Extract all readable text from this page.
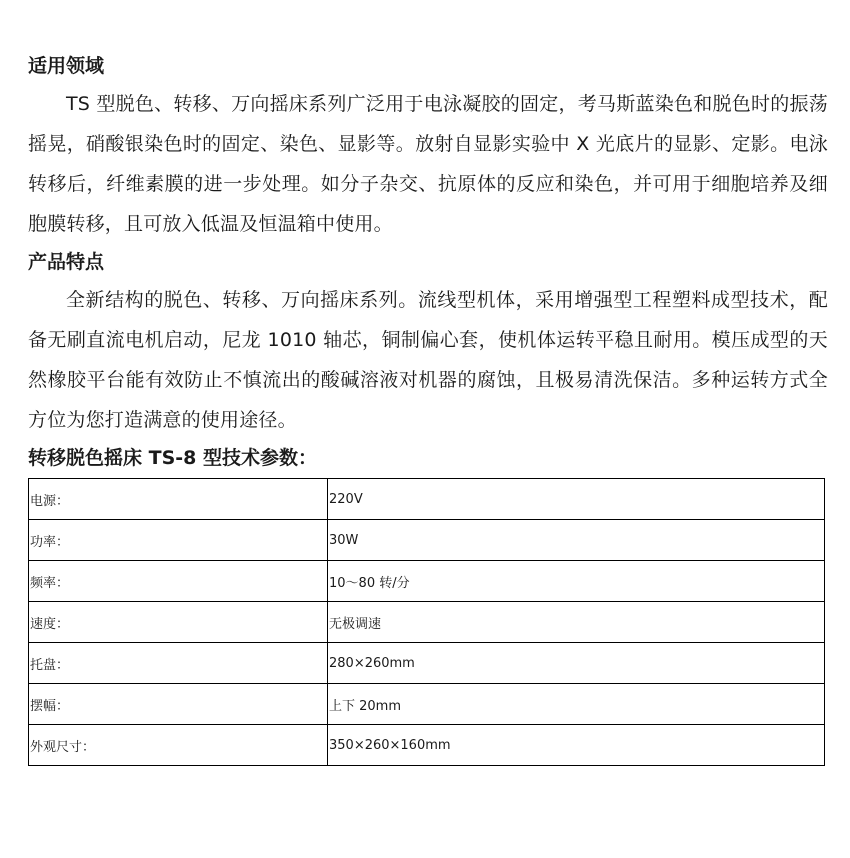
适用领域

TS 型脱色、转移、万向摇床系列广泛用于电泳凝胶的固定，考马斯蓝染色和脱色时的振荡摇晃，硝酸银染色时的固定、染色、显影等。放射自显影实验中 X 光底片的显影、定影。电泳转移后，纤维素膜的进一步处理。如分子杂交、抗原体的反应和染色，并可用于细胞培养及细胞膜转移，且可放入低温及恒温箱中使用。

产品特点

全新结构的脱色、转移、万向摇床系列。流线型机体，采用增强型工程塑料成型技术，配备无刷直流电机启动，尼龙 1010 轴芯，铜制偏心套，使机体运转平稳且耐用。模压成型的天然橡胶平台能有效防止不慎流出的酸碱溶液对机器的腐蚀，且极易清洗保洁。多种运转方式全方位为您打造满意的使用途径。

转移脱色摇床 TS-8 型技术参数：
电源：	220V
功率：	30W
频率：	10～80 转/分
速度：	无极调速
托盘：	280×260mm
摆幅：	上下 20mm
外观尺寸：	350×260×160mm
